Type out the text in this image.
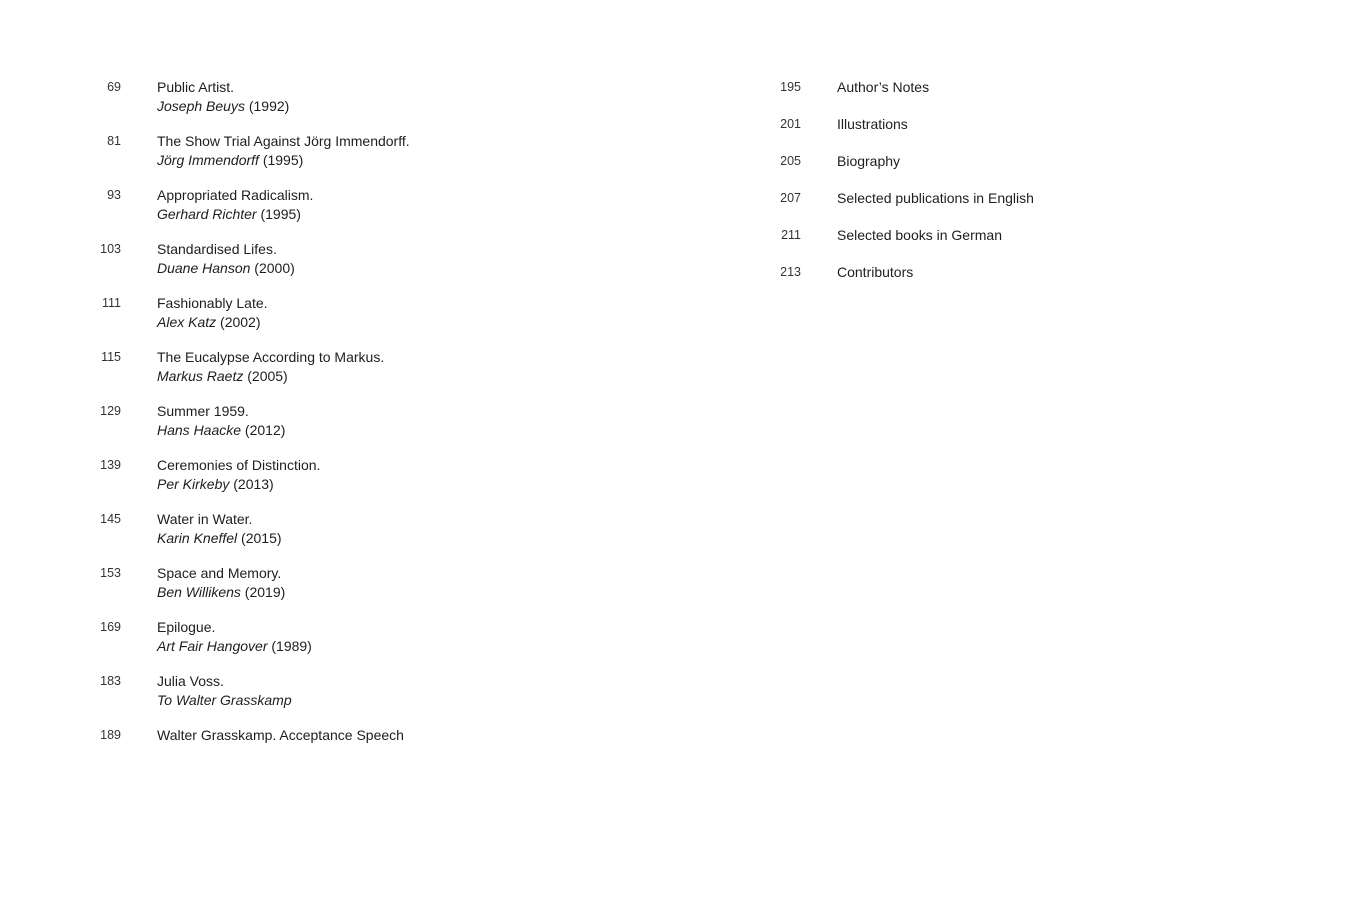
69	Public Artist.
Joseph Beuys (1992)
81	The Show Trial Against Jörg Immendorff.
Jörg Immendorff (1995)
93	Appropriated Radicalism.
Gerhard Richter (1995)
103	Standardised Lifes.
Duane Hanson (2000)
111	Fashionably Late.
Alex Katz (2002)
115	The Eucalypse According to Markus.
Markus Raetz (2005)
129	Summer 1959.
Hans Haacke (2012)
139	Ceremonies of Distinction.
Per Kirkeby (2013)
145	Water in Water.
Karin Kneffel (2015)
153	Space and Memory.
Ben Willikens (2019)
169	Epilogue.
Art Fair Hangover (1989)
183	Julia Voss.
To Walter Grasskamp
189	Walter Grasskamp. Acceptance Speech
195	Author’s Notes
201	Illustrations
205	Biography
207	Selected publications in English
211	Selected books in German
213	Contributors
